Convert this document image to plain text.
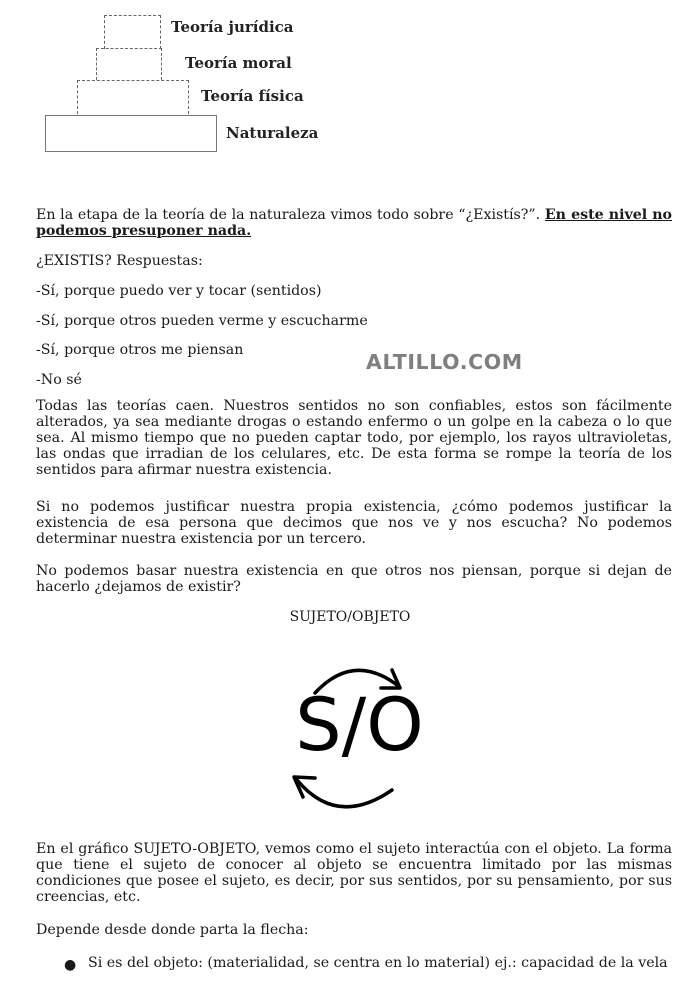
Teoría jurídica
Teoría moral
Teoría física
Naturaleza
En la etapa de la teoría de la naturaleza vimos todo sobre “¿Existís?”. En este nivel no podemos presuponer nada.
¿EXISTIS? Respuestas:
-Sí, porque puedo ver y tocar (sentidos)
-Sí, porque otros pueden verme y escucharme
-Sí, porque otros me piensan
-No sé
ALTILLO.COM
Todas las teorías caen. Nuestros sentidos no son confiables, estos son fácilmente alterados, ya sea mediante drogas o estando enfermo o un golpe en la cabeza o lo que sea. Al mismo tiempo que no pueden captar todo, por ejemplo, los rayos ultravioletas, las ondas que irradian de los celulares, etc. De esta forma se rompe la teoría de los sentidos para afirmar nuestra existencia.
Si no podemos justificar nuestra propia existencia, ¿cómo podemos justificar la existencia de esa persona que decimos que nos ve y nos escucha? No podemos determinar nuestra existencia por un tercero.
No podemos basar nuestra existencia en que otros nos piensan, porque si dejan de hacerlo ¿dejamos de existir?
SUJETO/OBJETO
S/O
En el gráfico SUJETO-OBJETO, vemos como el sujeto interactúa con el objeto. La forma que tiene el sujeto de conocer al objeto se encuentra limitado por las mismas condiciones que posee el sujeto, es decir, por sus sentidos, por su pensamiento, por sus creencias, etc.
Depende desde donde parta la flecha:
● Si es del objeto: (materialidad, se centra en lo material) ej.: capacidad de la vela
